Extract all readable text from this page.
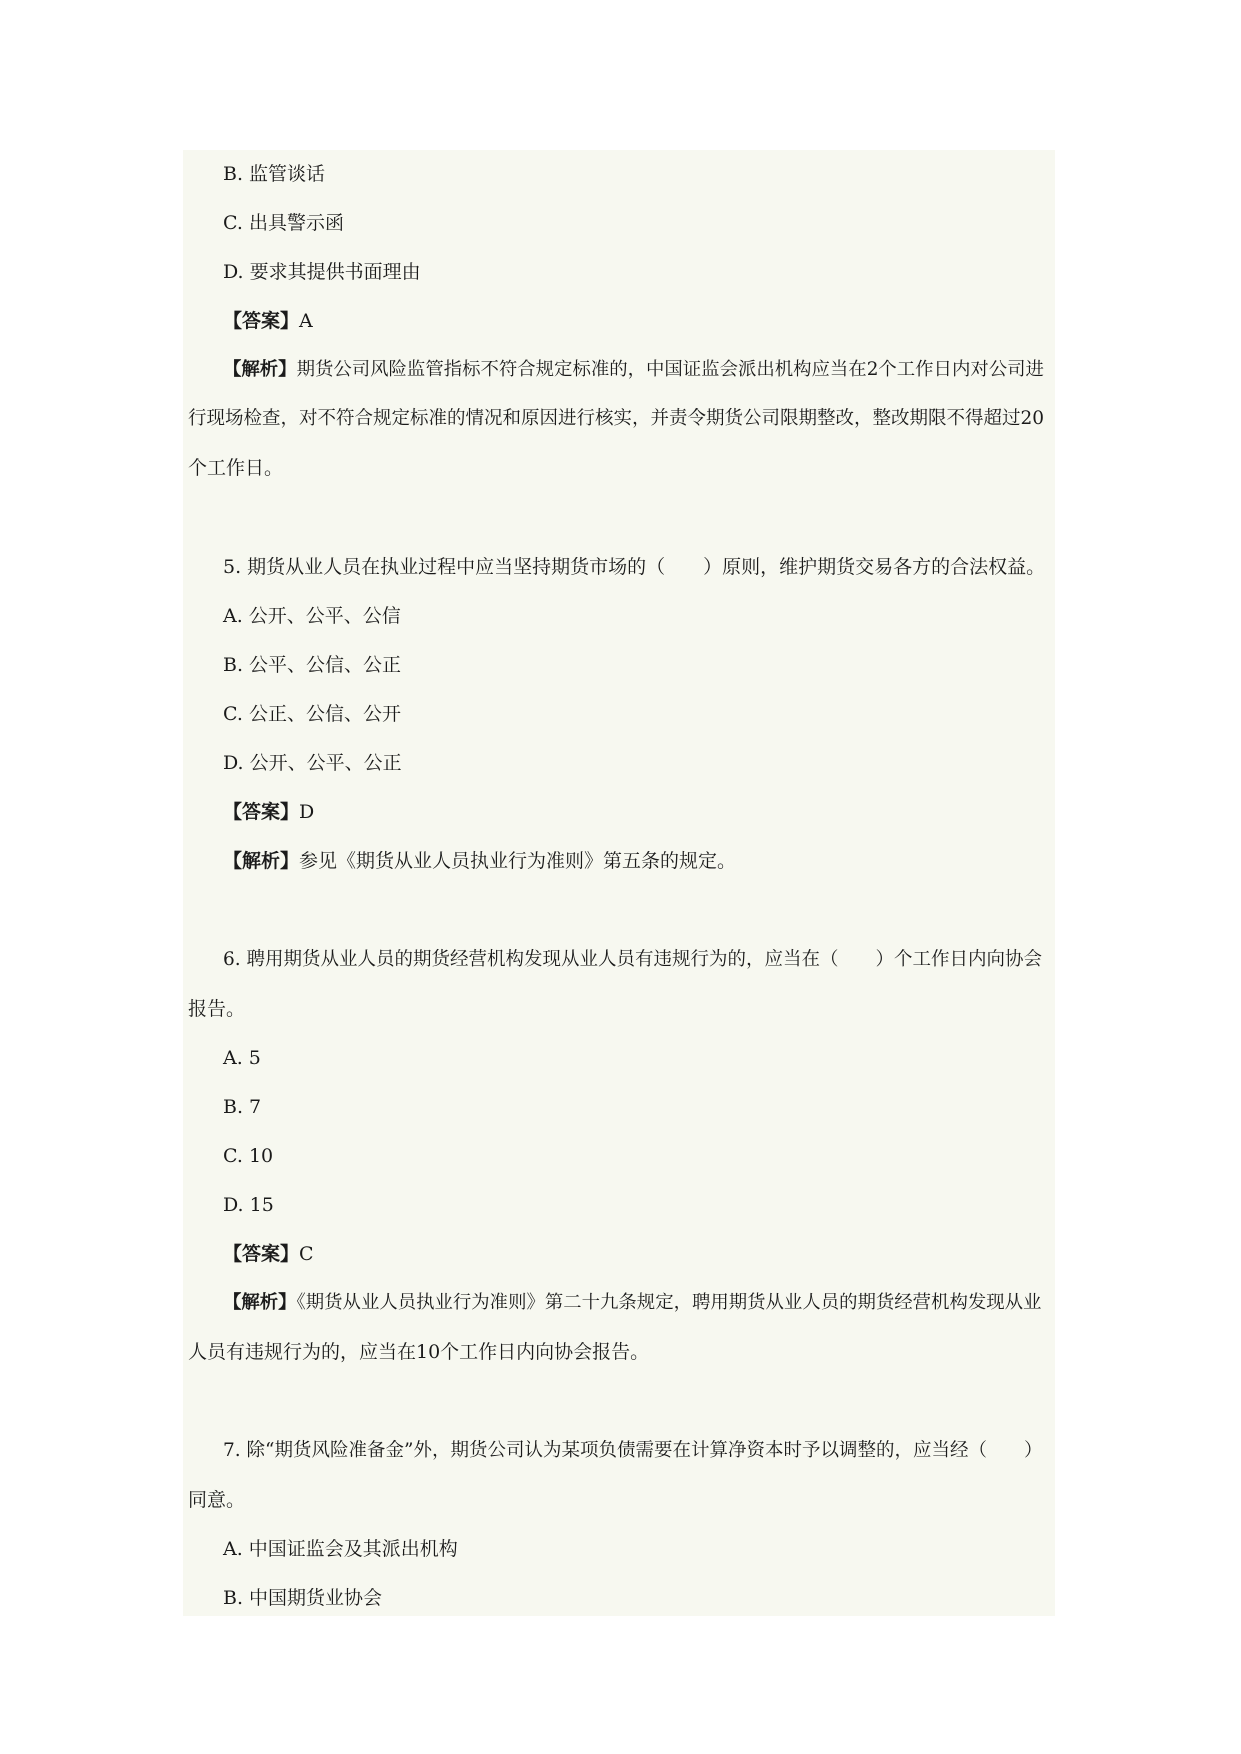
B. 监管谈话
C. 出具警示函
D. 要求其提供书面理由
【答案】A
【解析】期货公司风险监管指标不符合规定标准的，中国证监会派出机构应当在2个工作日内对公司进
行现场检查，对不符合规定标准的情况和原因进行核实，并责令期货公司限期整改，整改期限不得超过20
个工作日。
5. 期货从业人员在执业过程中应当坚持期货市场的（　　）原则，维护期货交易各方的合法权益。
A. 公开、公平、公信
B. 公平、公信、公正
C. 公正、公信、公开
D. 公开、公平、公正
【答案】D
【解析】参见《期货从业人员执业行为准则》第五条的规定。
6. 聘用期货从业人员的期货经营机构发现从业人员有违规行为的，应当在（　　）个工作日内向协会
报告。
A. 5
B. 7
C. 10
D. 15
【答案】C
【解析】《期货从业人员执业行为准则》第二十九条规定，聘用期货从业人员的期货经营机构发现从业
人员有违规行为的，应当在10个工作日内向协会报告。
7. 除“期货风险准备金”外，期货公司认为某项负债需要在计算净资本时予以调整的，应当经（　　）
同意。
A. 中国证监会及其派出机构
B. 中国期货业协会
